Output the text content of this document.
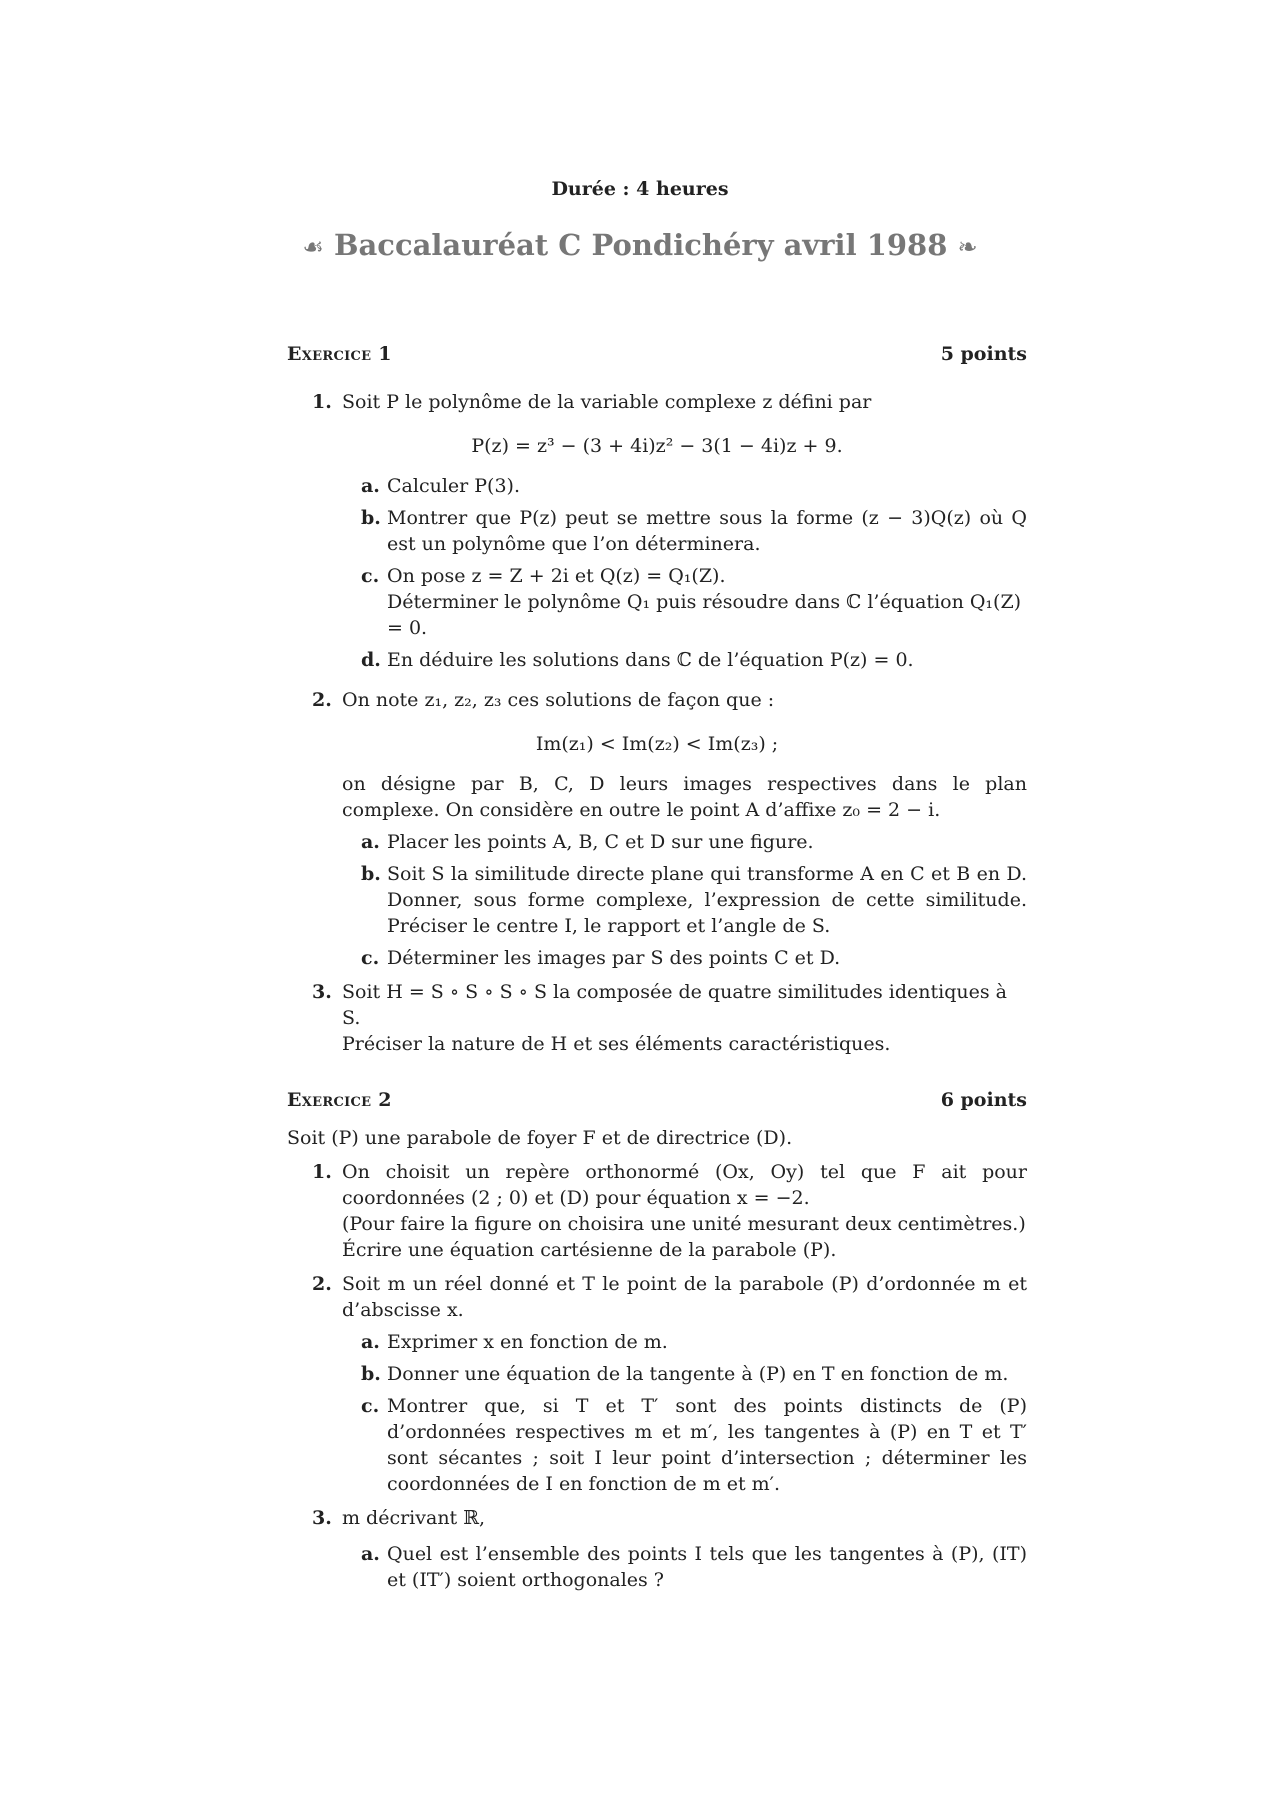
Durée : 4 heures
☙ Baccalauréat C Pondichéry avril 1988 ❧
Exercice 1	5 points
1. Soit P le polynôme de la variable complexe z défini par
P(z) = z³ − (3 + 4i)z² − 3(1 − 4i)z + 9.
a. Calculer P(3).
b. Montrer que P(z) peut se mettre sous la forme (z − 3)Q(z) où Q est un polynôme que l’on déterminera.
c. On pose z = Z + 2i et Q(z) = Q₁(Z).
Déterminer le polynôme Q₁ puis résoudre dans ℂ l’équation Q₁(Z) = 0.
d. En déduire les solutions dans ℂ de l’équation P(z) = 0.
2. On note z₁, z₂, z₃ ces solutions de façon que :
Im(z₁) < Im(z₂) < Im(z₃) ;
on désigne par B, C, D leurs images respectives dans le plan complexe. On considère en outre le point A d’affixe z₀ = 2 − i.
a. Placer les points A, B, C et D sur une figure.
b. Soit S la similitude directe plane qui transforme A en C et B en D. Donner, sous forme complexe, l’expression de cette similitude. Préciser le centre I, le rapport et l’angle de S.
c. Déterminer les images par S des points C et D.
3. Soit H = S ∘ S ∘ S ∘ S la composée de quatre similitudes identiques à S.
Préciser la nature de H et ses éléments caractéristiques.
Exercice 2	6 points
Soit (P) une parabole de foyer F et de directrice (D).
1. On choisit un repère orthonormé (Ox, Oy) tel que F ait pour coordonnées (2 ; 0) et (D) pour équation x = −2.
(Pour faire la figure on choisira une unité mesurant deux centimètres.)
Écrire une équation cartésienne de la parabole (P).
2. Soit m un réel donné et T le point de la parabole (P) d’ordonnée m et d’abscisse x.
a. Exprimer x en fonction de m.
b. Donner une équation de la tangente à (P) en T en fonction de m.
c. Montrer que, si T et T′ sont des points distincts de (P) d’ordonnées respectives m et m′, les tangentes à (P) en T et T′ sont sécantes ; soit I leur point d’intersection ; déterminer les coordonnées de I en fonction de m et m′.
3. m décrivant ℝ,
a. Quel est l’ensemble des points I tels que les tangentes à (P), (IT) et (IT′) soient orthogonales ?
